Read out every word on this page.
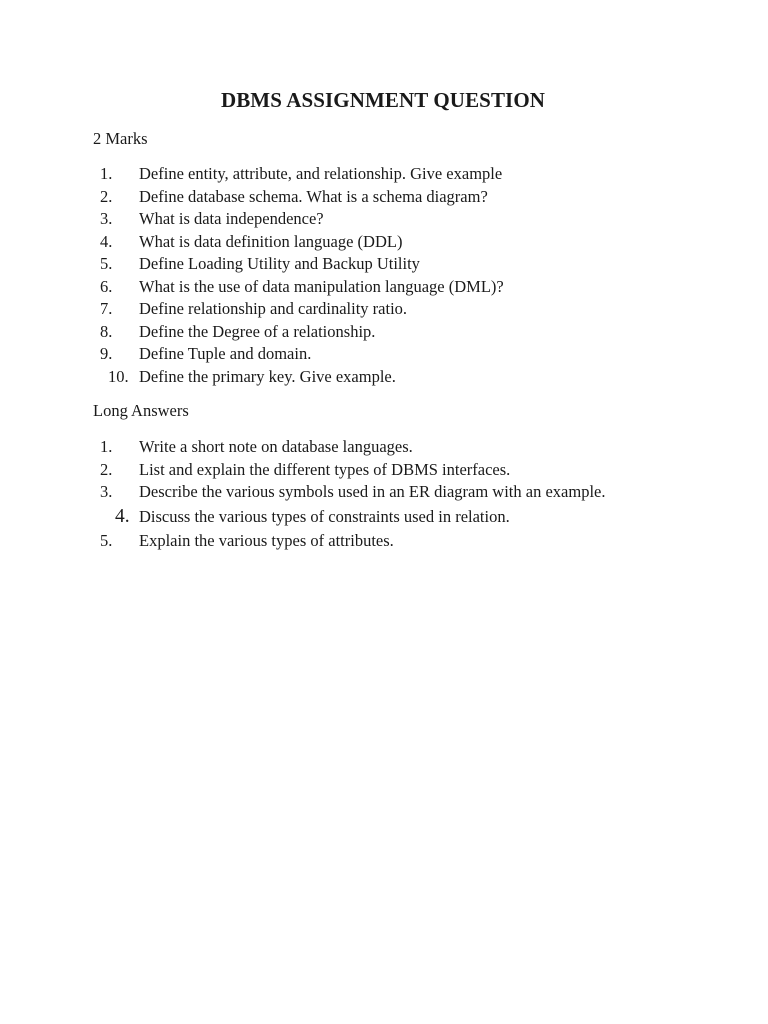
DBMS ASSIGNMENT QUESTION

2 Marks

1.	Define entity, attribute, and relationship. Give example
2.	Define database schema. What is a schema diagram?
3.	What is data independence?
4.	What is data definition language (DDL)
5.	Define Loading Utility and Backup Utility
6.	What is the use of data manipulation language (DML)?
7.	Define relationship and cardinality ratio.
8.	Define the Degree of a relationship.
9.	Define Tuple and domain.
10. Define the primary key. Give example.

Long Answers

1.	Write a short note on database languages.
2.	List and explain the different types of DBMS interfaces.
3.	Describe the various symbols used in an ER diagram with an example.
4. Discuss the various types of constraints used in relation.
5.	Explain the various types of attributes.
